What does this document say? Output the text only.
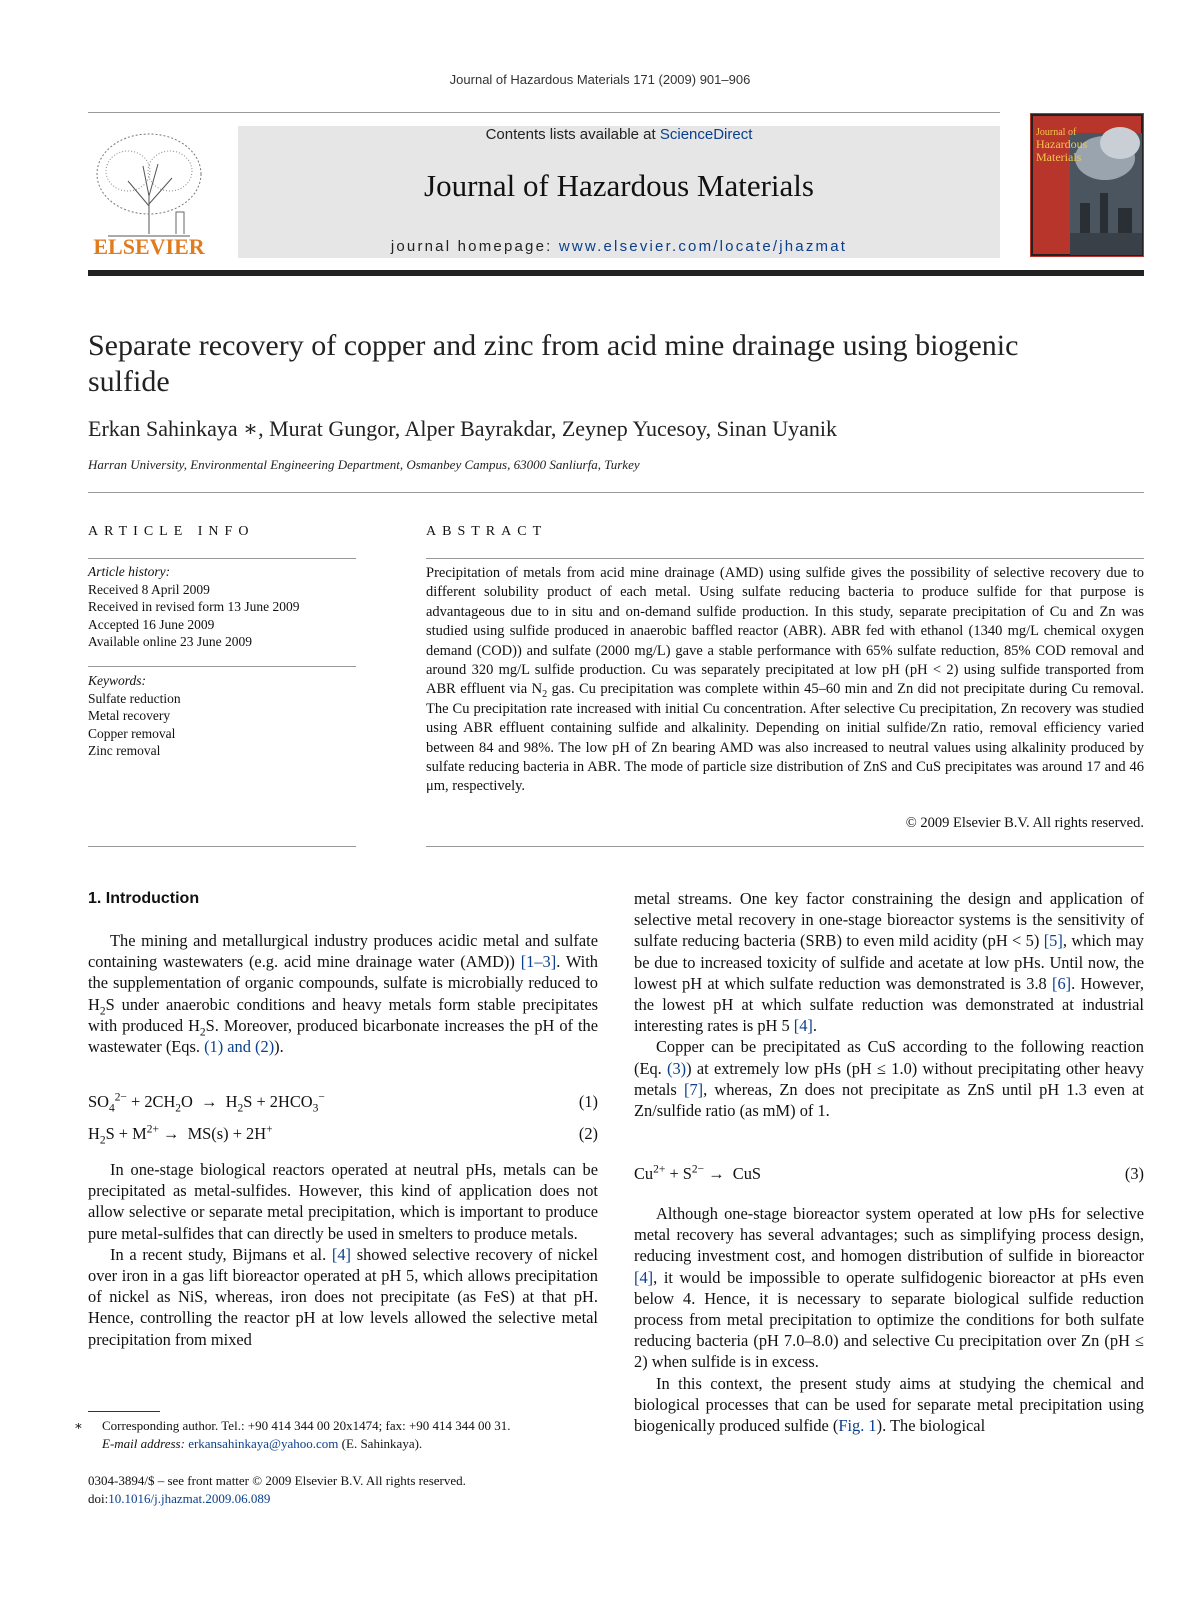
Journal of Hazardous Materials 171 (2009) 901–906
ELSEVIER
Contents lists available at ScienceDirect
Journal of Hazardous Materials
journal homepage: www.elsevier.com/locate/jhazmat
Journal of
Hazardous
Materials
Separate recovery of copper and zinc from acid mine drainage using biogenic sulfide
Erkan Sahinkaya ∗, Murat Gungor, Alper Bayrakdar, Zeynep Yucesoy, Sinan Uyanik
Harran University, Environmental Engineering Department, Osmanbey Campus, 63000 Sanliurfa, Turkey
ARTICLE INFO
Article history:
Received 8 April 2009
Received in revised form 13 June 2009
Accepted 16 June 2009
Available online 23 June 2009
Keywords:
Sulfate reduction
Metal recovery
Copper removal
Zinc removal
ABSTRACT
Precipitation of metals from acid mine drainage (AMD) using sulfide gives the possibility of selective recovery due to different solubility product of each metal. Using sulfate reducing bacteria to produce sulfide for that purpose is advantageous due to in situ and on-demand sulfide production. In this study, separate precipitation of Cu and Zn was studied using sulfide produced in anaerobic baffled reactor (ABR). ABR fed with ethanol (1340 mg/L chemical oxygen demand (COD)) and sulfate (2000 mg/L) gave a stable performance with 65% sulfate reduction, 85% COD removal and around 320 mg/L sulfide production. Cu was separately precipitated at low pH (pH < 2) using sulfide transported from ABR effluent via $N_2$ gas. Cu precipitation was complete within 45–60 min and Zn did not precipitate during Cu removal. The Cu precipitation rate increased with initial Cu concentration. After selective Cu precipitation, Zn recovery was studied using ABR effluent containing sulfide and alkalinity. Depending on initial sulfide/Zn ratio, removal efficiency varied between 84 and 98%. The low pH of Zn bearing AMD was also increased to neutral values using alkalinity produced by sulfate reducing bacteria in ABR. The mode of particle size distribution of ZnS and CuS precipitates was around 17 and 46 μm, respectively.
© 2009 Elsevier B.V. All rights reserved.
1. Introduction

The mining and metallurgical industry produces acidic metal and sulfate containing wastewaters (e.g. acid mine drainage water (AMD)) [1–3]. With the supplementation of organic compounds, sulfate is microbially reduced to $H_2S$ under anaerobic conditions and heavy metals form stable precipitates with produced $H_2S$. Moreover, produced bicarbonate increases the pH of the wastewater (Eqs. (1) and (2)).

$SO_4^{2-} + 2CH_2O \to H_2S + 2HCO_3^-$	(1)
$H_2S + M^{2+} \to MS(s) + 2H^+$	(2)

In one-stage biological reactors operated at neutral pHs, metals can be precipitated as metal-sulfides. However, this kind of application does not allow selective or separate metal precipitation, which is important to produce pure metal-sulfides that can directly be used in smelters to produce metals.

In a recent study, Bijmans et al. [4] showed selective recovery of nickel over iron in a gas lift bioreactor operated at pH 5, which allows precipitation of nickel as NiS, whereas, iron does not precipitate (as FeS) at that pH. Hence, controlling the reactor pH at low levels allowed the selective metal precipitation from mixed

∗ Corresponding author. Tel.: +90 414 344 00 20x1474; fax: +90 414 344 00 31.
E-mail address: erkansahinkaya@yahoo.com (E. Sahinkaya).
0304-3894/$ – see front matter © 2009 Elsevier B.V. All rights reserved.
doi:10.1016/j.jhazmat.2009.06.089

metal streams. One key factor constraining the design and application of selective metal recovery in one-stage bioreactor systems is the sensitivity of sulfate reducing bacteria (SRB) to even mild acidity (pH < 5) [5], which may be due to increased toxicity of sulfide and acetate at low pHs. Until now, the lowest pH at which sulfate reduction was demonstrated is 3.8 [6]. However, the lowest pH at which sulfate reduction was demonstrated at industrial interesting rates is pH 5 [4].

Copper can be precipitated as CuS according to the following reaction (Eq. (3)) at extremely low pHs (pH ≤ 1.0) without precipitating other heavy metals [7], whereas, Zn does not precipitate as ZnS until pH 1.3 even at Zn/sulfide ratio (as mM) of 1.

$Cu^{2+} + S^{2-}$ →  CuS	(3)

Although one-stage bioreactor system operated at low pHs for selective metal recovery has several advantages; such as simplifying process design, reducing investment cost, and homogen distribution of sulfide in bioreactor [4], it would be impossible to operate sulfidogenic bioreactor at pHs even below 4. Hence, it is necessary to separate biological sulfide reduction process from metal precipitation to optimize the conditions for both sulfate reducing bacteria (pH 7.0–8.0) and selective Cu precipitation over Zn (pH ≤ 2) when sulfide is in excess.

In this context, the present study aims at studying the chemical and biological processes that can be used for separate metal precipitation using biogenically produced sulfide (Fig. 1). The biological
